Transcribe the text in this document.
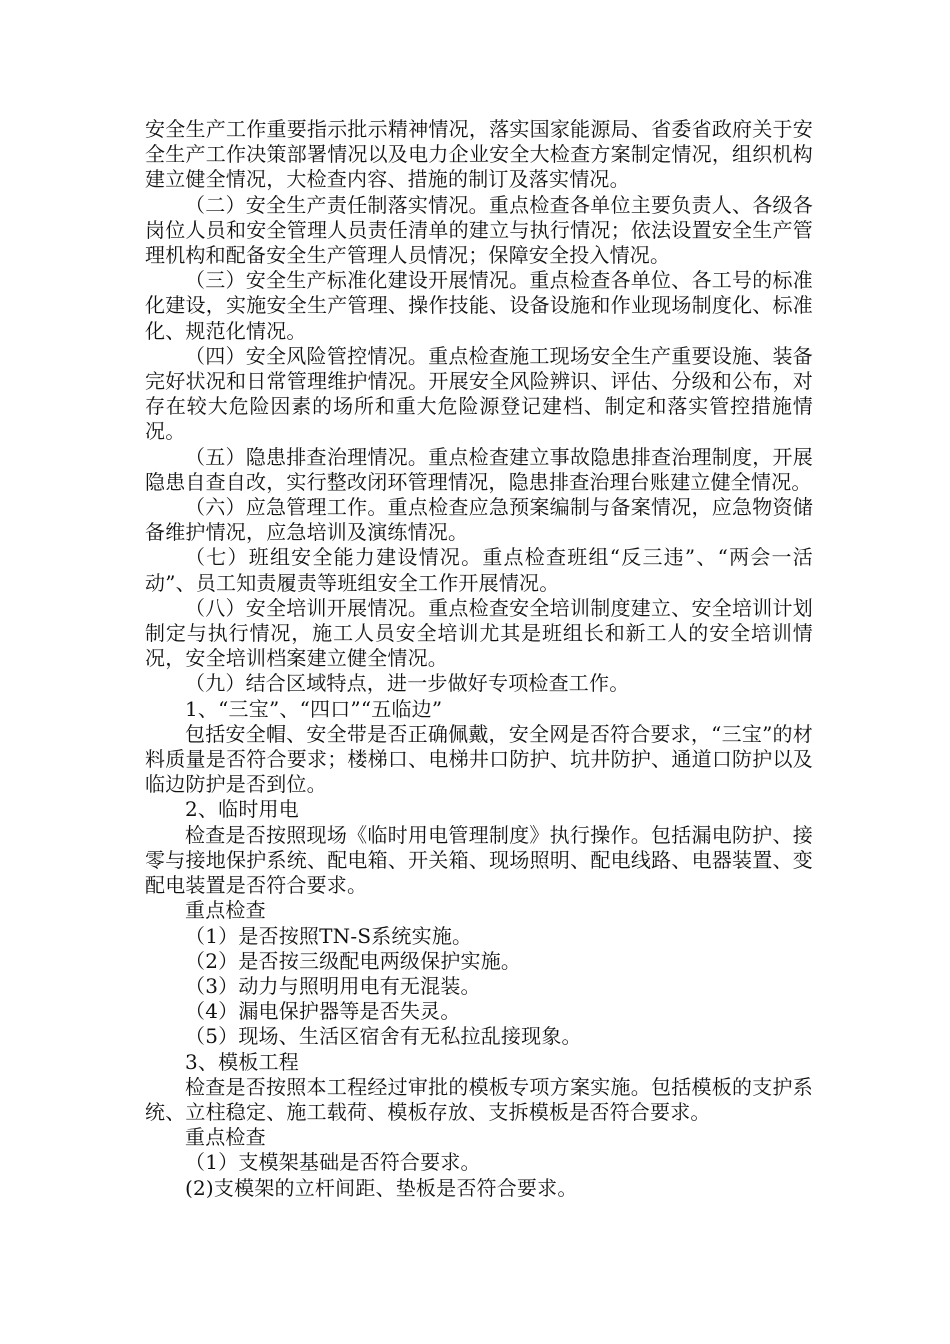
安全生产工作重要指示批示精神情况，落实国家能源局、省委省政府关于安全生产工作决策部署情况以及电力企业安全大检查方案制定情况，组织机构建立健全情况，大检查内容、措施的制订及落实情况。

（二）安全生产责任制落实情况。重点检查各单位主要负责人、各级各岗位人员和安全管理人员责任清单的建立与执行情况；依法设置安全生产管理机构和配备安全生产管理人员情况；保障安全投入情况。

（三）安全生产标准化建设开展情况。重点检查各单位、各工号的标准化建设，实施安全生产管理、操作技能、设备设施和作业现场制度化、标准化、规范化情况。

（四）安全风险管控情况。重点检查施工现场安全生产重要设施、装备完好状况和日常管理维护情况。开展安全风险辨识、评估、分级和公布，对存在较大危险因素的场所和重大危险源登记建档、制定和落实管控措施情况。

（五）隐患排查治理情况。重点检查建立事故隐患排查治理制度，开展隐患自查自改，实行整改闭环管理情况，隐患排查治理台账建立健全情况。

（六）应急管理工作。重点检查应急预案编制与备案情况，应急物资储备维护情况，应急培训及演练情况。

（七）班组安全能力建设情况。重点检查班组“反三违”、“两会一活动”、员工知责履责等班组安全工作开展情况。

（八）安全培训开展情况。重点检查安全培训制度建立、安全培训计划制定与执行情况，施工人员安全培训尤其是班组长和新工人的安全培训情况，安全培训档案建立健全情况。

（九）结合区域特点，进一步做好专项检查工作。

1、“三宝”、“四口”“五临边”

包括安全帽、安全带是否正确佩戴，安全网是否符合要求，“三宝”的材料质量是否符合要求；楼梯口、电梯井口防护、坑井防护、通道口防护以及临边防护是否到位。

2、临时用电

检查是否按照现场《临时用电管理制度》执行操作。包括漏电防护、接零与接地保护系统、配电箱、开关箱、现场照明、配电线路、电器装置、变配电装置是否符合要求。

重点检查

（1）是否按照TN-S系统实施。

（2）是否按三级配电两级保护实施。

（3）动力与照明用电有无混装。

（4）漏电保护器等是否失灵。

（5）现场、生活区宿舍有无私拉乱接现象。

3、模板工程

检查是否按照本工程经过审批的模板专项方案实施。包括模板的支护系统、立柱稳定、施工载荷、模板存放、支拆模板是否符合要求。

重点检查

（1）支模架基础是否符合要求。

(2)支模架的立杆间距、垫板是否符合要求。
